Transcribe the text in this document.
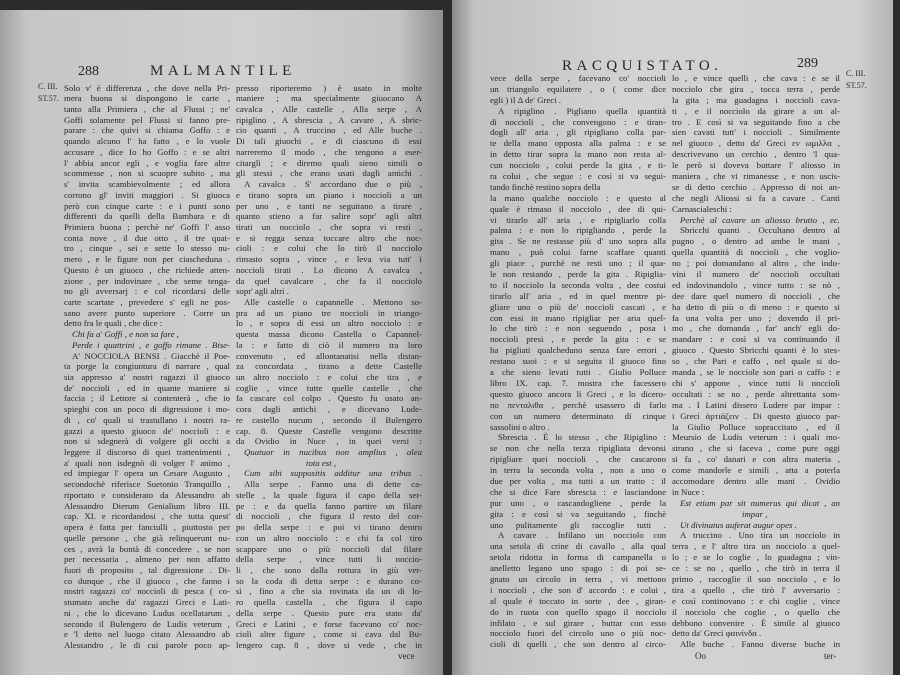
288	MALMANTILE
C. III.
ST.57.
Solo v' è differenza , che dove nella Pri-
mera buona si dispongono le carte ,
tanto alla Primiera , che al Flussi ; ne'
Goffi solamente pel Flussi si fanno pre-
parare : che quivi si chiama Goffo : e
quando alcuno l' ha fatto , e lo vuole
accusare , dice Io ho Goffo : e se altri
l' abbia ancor egli , e voglia fare altre
scommesse , non si scuopre subito , ma
s' invita scambievolmente ; ed allora
corrono gl' inviti maggiori . Si giuoca
però con cinque carte : e i punti sono
differenti da quelli della Bambara e di
Primiera buona ; perchè ne' Goffi l' asso
conta nove , il due otto , il tre quat-
tro , cinque , sei e sette lo stesso nu-
mero , e le figure non per ciascheduna .
Questo è un giuoco , che richiede atten-
zione , per indovinare , che seme tenga-
no gli avversarj : e col ricordarsi delle
carte scartate , prevedere s' egli ne pos-
sano avere punto superiore . Corre un
detto fra le quali , che dice :
Chi fa a' Goffi , e non sa fare ,
Perde i quattrini , e goffo rimane . Bise-
A' NOCCIOLA BENSI . Giacchè il Poe-
ta porge la congiuntura di narrare , qual
sia appresso a' nostri ragazzi il giuoco
de' noccioli , ed in quante maniere si
faccia ; il Lettore si contenterà , che io
spieghi con un poco di digressione i mo-
di , co' quali si trastullano i nostri ra-
gazzi a questo giuoco de' noccioli : e
non si sdegnerà di volgere gli occhi a
leggere il discorso di quei trattenimenti ,
a' quali non isdegnò di volger l' animo ,
ed impiegar l' opera un Cesare Augusto ,
secondochè riferisce Suetonio Tranquillo ,
riportato e considerato da Alessandro ab
Alessandro Dierum Genialium libro III.
cap. XI. e ricordandosi , che tutta quest'
opera è fatta per fanciulli , piuttosto per
quelle persone , che già relinquerunt nu-
ces , avrà la bontà di concedere , se non
per necessaria , almeno per non affatto
fuori di proposito , tal digressione . Di-
co dunque , che il giuoco , che fanno i
nostri ragazzi co' noccioli di pesca ( co-
stumato anche da' ragazzi Greci e Lati-
ni , che lo dicevano Ludus ocellatarum ,
secondo il Bulengero de Ludis veterum ,
e 'l detto nel luogo citato Alessandro ab
Alessandro , le di cui parole poco ap-
presso riporteremo ) è usato in molte
maniere ; ma specialmente giuocano A
cavalca , Alle castelle , Alla serpe , A
ripiglino , A sbrescia , A cavare , A sbric-
cio quanti , A truccino , ed Alle buche .
Di tali giuochi , e di ciascuno di essi
narreremo il modo , che tengono a eser-
citargli ; e diremo quali sieno simili o
gli stessi , che erano usati dagli antichi .
A cavalca . S' accordano due o più ,
e tirano sopra un piano i noccioli a un
per uno , e tanti ne seguitano a tirare ,
quanto stieno a far salire sopr' agli altri
tirati un nocciolo , che sopra vi resti ,
e si regga senza toccare altro che noc-
cioli : e colui che lo tirò il nocciolo
rimasto sopra , vince , e leva via tutt' i
noccioli tirati . Lo dicono A cavalca ,
da quel cavalcare , che fa il nocciolo
sopr' agli altri .
Alle castelle o capannelle . Mettono so-
pra ad un piano tre noccioli in triango-
lo , e sopra di essi un altro nocciolo : e
questa massa dicono Castella o Capannel-
la : e fatto di ciò il numero tra loro
convenuto , ed allontanatisi nella distan-
za concordata , tirano a dette Castelle
un altro nocciolo : e colui che tira , e
coglie , vince tutte quelle castelle , che
fa cascare col colpo . Questo fu usato an-
cora dagli antichi , e dicevano Lude-
re castello nucum , secondo il Bulengero
cap. 8. Queste Castelle vengono descritte
da Ovidio in Nuce , in quei versi :
Quatuor in nucibus non amplius , alea
tota est ,
Cum sibi suppositis additur una tribus .
Alla serpe . Fanno una di dette ca-
stelle , la quale figura il capo della ser-
pe : e da quella fanno partire un filare
di noccioli , che figura il resto del cor-
po della serpe : e poi vi tirano dentro
con un altro nocciolo : e chi fa col tiro
scappare uno o più noccioli dal filare
della serpe , vince tutti li noccio-
li , che sono dalla rottura in giù ver-
so la coda di detta serpe : e durano co-
sì , fino a che sia rovinata da un di lo-
ro quella castella , che figura il capo
della serpe . Questo pure era stato da'
Greci e Latini , e forse facevano co' noc-
cioli altre figure , come si cava dal Bu-
lengero cap. 8 , dove si vede , che in
vece
RACQUISTATO.	289
C. III.
ST.57.
vece della serpe , facevano co' noccioli
un triangolo equilatere , o ( come dice
egli ) il Δ de' Greci .
A ripiglino . Pigliano quella quantità
di noccioli , che convengono : e tiran-
dogli all' aria , gli ripigliano colla par-
te della mano opposta alla palma : e se
in detto tirar sopra la mano non resta al-
cun nocciolo , colui perde la gita , e ti-
ra colui , che segue : e così si va segui-
tando finchè restino sopra della
la mano qualche nocciolo : e questo al
quale è rimaso il nocciolo , dee di qui-
vi tirarlo all' aria , e ripigliarlo colla
palma : e non lo ripigliando , perde la
gita . Se ne restasse più d' uno sopra alla
mano , può colui farne scaffare quanti
gli piace , purchè ne resti uno ; il qua-
le non restando , perde la gita . Ripiglia-
to il nocciolo la seconda volta , dee costui
tirarlo all' aria , ed in quel mentre pi-
gliare uno o più de' noccioli cascati , e
con essi in mano ripigliar per aria quel-
lo che tirò : e non seguendo , posa i
noccioli presi , e perde la gita : e se
ha pigliati qualcheduno senza fare errori ,
restano suoi : e si seguita il giuoco fino
a che sieno levati tutti . Giulio Polluce
libro IX. cap. 7. mostra che facessero
questo giuoco ancora li Greci , e lo dicero-
no πενταλιθα , perchè usassero di farlo
con un numero determinato di cinque
sassolini o altro .
Sbrescia . È lo stesso , che Ripiglino :
se non che nella terza ripigliata devonsi
ripigliare quei noccioli , che cascarono
in terra la seconda volta , non a uno o
due per volta , ma tutti a un tratto : il
che si dice Fare sbrescia : e lasciandone
pur uno , o cascandogliene , perde la
gita : e così si va seguitando , finchè
uno pulitamente gli raccoglie tutti .
A cavare . Infilano un nocciolo con
una setola di crine di cavallo , alla qual
setola ridotta in forma di campanella o
anelletto legano uno spago : di poi se-
gnato un circolo in terra , vi mettono
i noccioli , che son d' accordo : e colui ,
al quale è toccato in sorte , dee , giran-
do in ruota con quello spago il nocciolo
infilato , e sul girare , buttar con esso
nocciolo fuori del circolo uno o più noc-
cioli di quelli , che son dentro al circo-
lo , e vince quelli , che cava : e se il
nocciolo che gira , tocca terra , perde
la gita ; ma guadagna i noccioli cava-
ti , e il nocciolo da girare a un al-
tro . E così si va seguitando fino a che
sien cavati tutt' i noccioli . Similmente
nel giuoco , detto da' Greci εν ωμιλλα ,
descrivevano un cerchio , dentro 'l qua-
le però si doveva buttare l' aliosso in
maniera , che vi rimanesse , e non uscis-
se di detto cerchio . Appresso di noi an-
che negli Aliossi si fa a cavare . Canti
Carnascialeschi :
Perchè al cavare un aliosso brutto , ec.
Sbricchi quanti . Occultano dentro al
pugno , o dentro ad ambe le mani ,
quella quantità di noccioli , che voglio-
no ; poi domandano al altro , che indo-
vini il numero de' noccioli occultati
ed indovinandolo , vince tutto : se nò ,
dee dare quel numero di noccioli , che
ha detto di più o di meno : e questo si
fa una volta per uno ; dovendo il pri-
mo , che domanda , far' anch' egli do-
mandare : e così si va continuando il
giuoco . Questo Sbricchi quanti è lo stes-
so , che Pari e caffo , nel quale si do-
manda , se le nocciole son pari o caffo : e
chi s' appone , vince tutti li noccioli
occultati : se no , perde altrettanta som-
ma . I Latini dissero Ludere par impar :
i Greci ἀρτιάζειν . Di questo giuoco par-
la Giulio Polluce sopraccitato , ed il
Meursio de Ludis veterum : i quali mo-
strano , che si faceva , come pure oggi
si fa , co' danari e con altra materia ,
come mandorle e simili , atta a poterla
accomodare dentro alle mani . Ovidio
in Nuce :
Est etiam par sit numerus qui dicat , an
impar ,
Ut divinatus auferat augur opes .
A truccino . Uno tira un nocciolo in
terra , e l' altro tira un nocciolo a quel-
lo ; e se lo coglie , lo guadagna ; vin-
ce : se no , quello , che tirò in terra il
primo , raccoglie il suo nocciolo , e lo
tira a quello , che tirò l' avversario :
e così continovano : e chi coglie , vince
il nocciolo che coglie , o quello che
debbono convenire . È simile al giuoco
detto da' Greci φαινίνδα .
Alle buche . Fanno diverse buche in
Oo	ter-
